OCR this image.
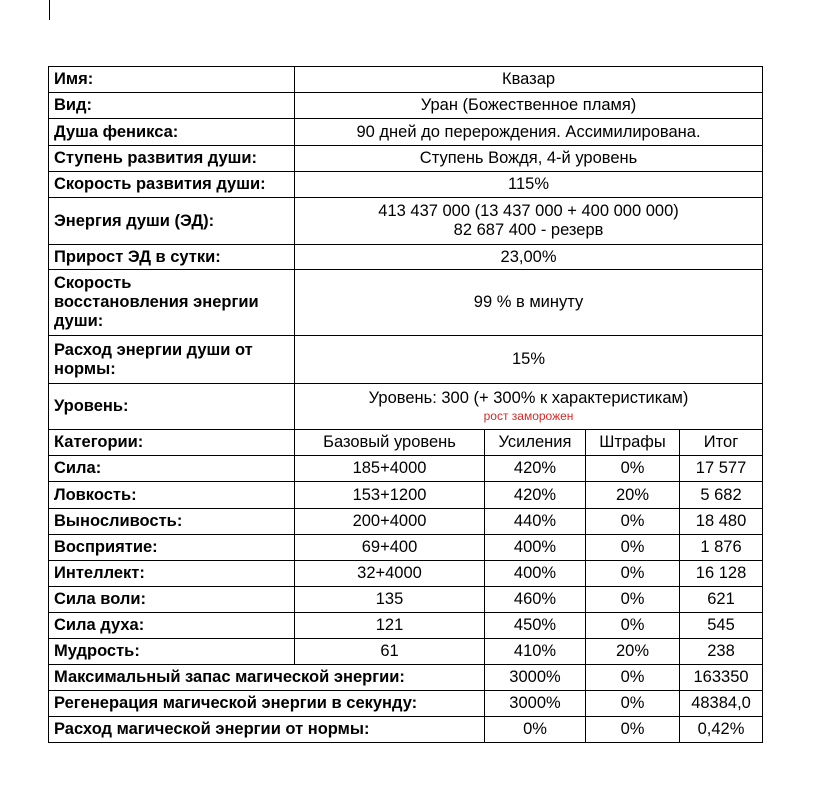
Имя:	Квазар			
Вид:	Уран (Божественное пламя)			
Душа феникса:	90 дней до перерождения. Ассимилирована.			
Ступень развития души:	Ступень Вождя, 4-й уровень			
Скорость развития души:	115%			
Энергия души (ЭД):	413 437 000 (13 437 000 + 400 000 000)
82 687 400 - резерв			

Прирост ЭД в сутки:	23,00%			

Скорость
восстановления энергии
души:	99 % в минуту			

Расход энергии души от
нормы:	15%			
Уровень:	Уровень: 300 (+ 300% к характеристикам)
рост заморожен			

Категории:	Базовый уровень	Усиления	Штрафы	Итог
Сила:	185+4000	420%	0%	17 577
Ловкость:	153+1200	420%	20%	5 682
Выносливость:	200+4000	440%	0%	18 480
Восприятие:	69+400	400%	0%	1 876
Интеллект:	32+4000	400%	0%	16 128
Сила воли:	135	460%	0%	621
Сила духа:	121	450%	0%	545
Мудрость:	61	410%	20%	238
Максимальный запас магической энергии:		3000%	0%	163350
Регенерация магической энергии в секунду:		3000%	0%	48384,0
Расход магической энергии от нормы:		0%	0%	0,42%
